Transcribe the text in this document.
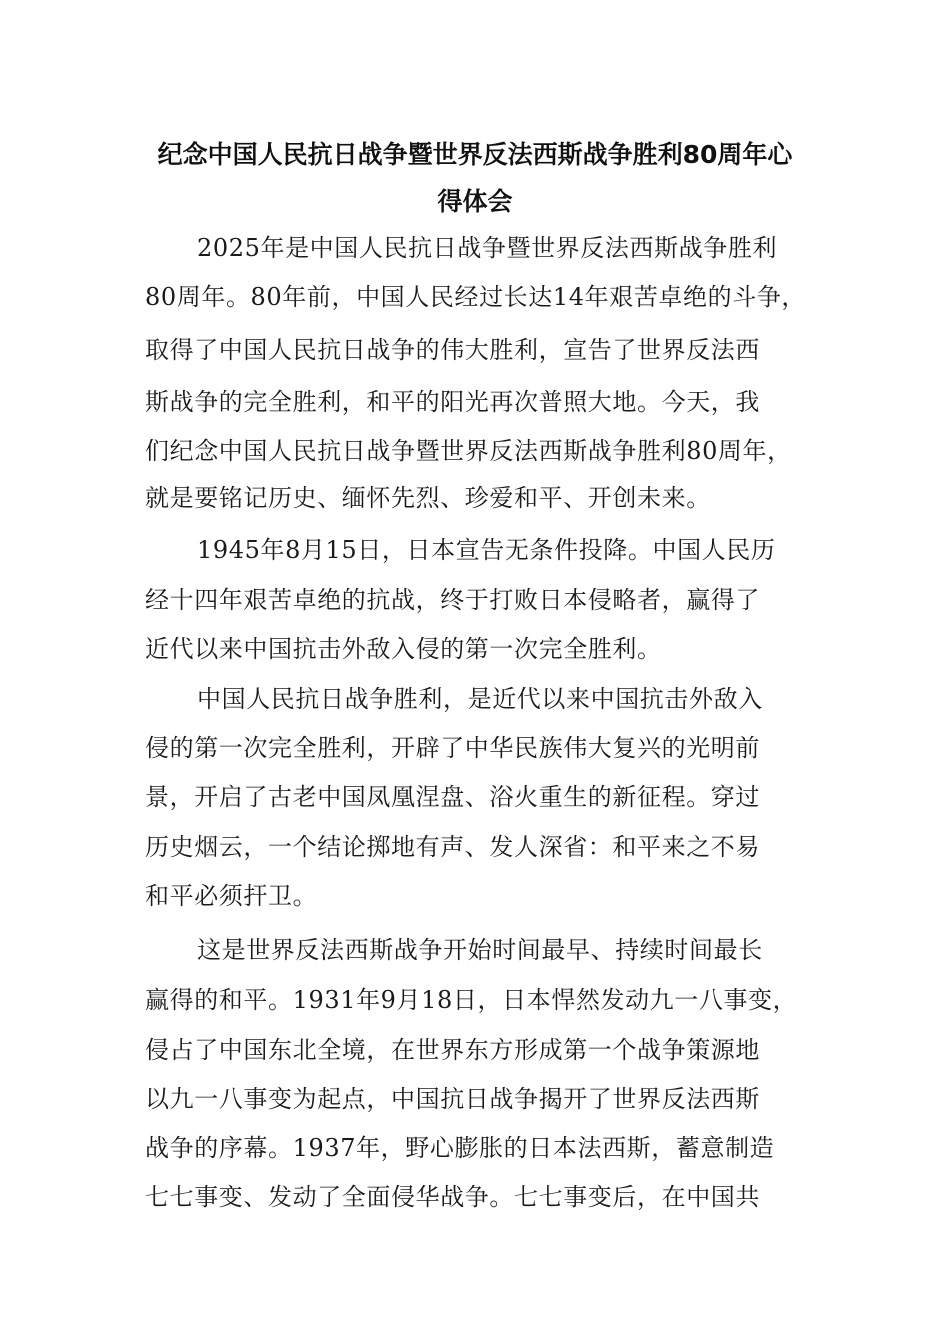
纪念中国人民抗日战争暨世界反法西斯战争胜利80周年心
得体会

2025年是中国人民抗日战争暨世界反法西斯战争胜利

80周年。80年前，中国人民经过长达14年艰苦卓绝的斗争，

取得了中国人民抗日战争的伟大胜利，宣告了世界反法西

斯战争的完全胜利，和平的阳光再次普照大地。今天，我

们纪念中国人民抗日战争暨世界反法西斯战争胜利80周年，

就是要铭记历史、缅怀先烈、珍爱和平、开创未来。

1945年8月15日，日本宣告无条件投降。中国人民历

经十四年艰苦卓绝的抗战，终于打败日本侵略者，赢得了

近代以来中国抗击外敌入侵的第一次完全胜利。

中国人民抗日战争胜利，是近代以来中国抗击外敌入

侵的第一次完全胜利，开辟了中华民族伟大复兴的光明前

景，开启了古老中国凤凰涅盘、浴火重生的新征程。穿过

历史烟云，一个结论掷地有声、发人深省：和平来之不易

和平必须扞卫。

这是世界反法西斯战争开始时间最早、持续时间最长

赢得的和平。1931年9月18日，日本悍然发动九一八事变，

侵占了中国东北全境，在世界东方形成第一个战争策源地

以九一八事变为起点，中国抗日战争揭开了世界反法西斯

战争的序幕。1937年，野心膨胀的日本法西斯，蓄意制造

七七事变、发动了全面侵华战争。七七事变后，在中国共
